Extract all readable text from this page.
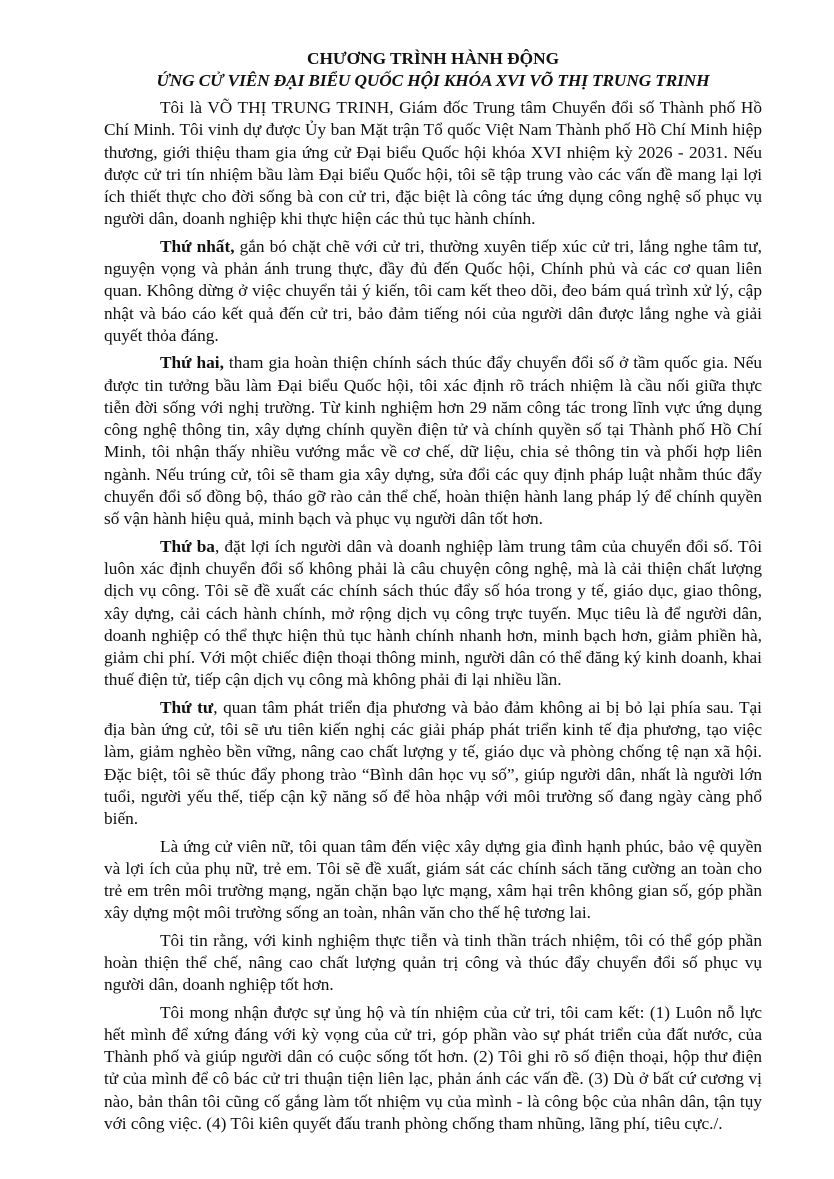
CHƯƠNG TRÌNH HÀNH ĐỘNG
ỨNG CỬ VIÊN ĐẠI BIỂU QUỐC HỘI KHÓA XVI VÕ THỊ TRUNG TRINH

Tôi là VÕ THỊ TRUNG TRINH, Giám đốc Trung tâm Chuyển đổi số Thành phố Hồ Chí Minh. Tôi vinh dự được Ủy ban Mặt trận Tổ quốc Việt Nam Thành phố Hồ Chí Minh hiệp thương, giới thiệu tham gia ứng cử Đại biểu Quốc hội khóa XVI nhiệm kỳ 2026 - 2031. Nếu được cử tri tín nhiệm bầu làm Đại biểu Quốc hội, tôi sẽ tập trung vào các vấn đề mang lại lợi ích thiết thực cho đời sống bà con cử tri, đặc biệt là công tác ứng dụng công nghệ số phục vụ người dân, doanh nghiệp khi thực hiện các thủ tục hành chính.

Thứ nhất, gắn bó chặt chẽ với cử tri, thường xuyên tiếp xúc cử tri, lắng nghe tâm tư, nguyện vọng và phản ánh trung thực, đầy đủ đến Quốc hội, Chính phủ và các cơ quan liên quan. Không dừng ở việc chuyển tải ý kiến, tôi cam kết theo dõi, đeo bám quá trình xử lý, cập nhật và báo cáo kết quả đến cử tri, bảo đảm tiếng nói của người dân được lắng nghe và giải quyết thỏa đáng.

Thứ hai, tham gia hoàn thiện chính sách thúc đẩy chuyển đổi số ở tầm quốc gia. Nếu được tin tưởng bầu làm Đại biểu Quốc hội, tôi xác định rõ trách nhiệm là cầu nối giữa thực tiễn đời sống với nghị trường. Từ kinh nghiệm hơn 29 năm công tác trong lĩnh vực ứng dụng công nghệ thông tin, xây dựng chính quyền điện tử và chính quyền số tại Thành phố Hồ Chí Minh, tôi nhận thấy nhiều vướng mắc về cơ chế, dữ liệu, chia sẻ thông tin và phối hợp liên ngành. Nếu trúng cử, tôi sẽ tham gia xây dựng, sửa đổi các quy định pháp luật nhằm thúc đẩy chuyển đổi số đồng bộ, tháo gỡ rào cản thể chế, hoàn thiện hành lang pháp lý để chính quyền số vận hành hiệu quả, minh bạch và phục vụ người dân tốt hơn.

Thứ ba, đặt lợi ích người dân và doanh nghiệp làm trung tâm của chuyển đổi số. Tôi luôn xác định chuyển đổi số không phải là câu chuyện công nghệ, mà là cải thiện chất lượng dịch vụ công. Tôi sẽ đề xuất các chính sách thúc đẩy số hóa trong y tế, giáo dục, giao thông, xây dựng, cải cách hành chính, mở rộng dịch vụ công trực tuyến. Mục tiêu là để người dân, doanh nghiệp có thể thực hiện thủ tục hành chính nhanh hơn, minh bạch hơn, giảm phiền hà, giảm chi phí. Với một chiếc điện thoại thông minh, người dân có thể đăng ký kinh doanh, khai thuế điện tử, tiếp cận dịch vụ công mà không phải đi lại nhiều lần.

Thứ tư, quan tâm phát triển địa phương và bảo đảm không ai bị bỏ lại phía sau. Tại địa bàn ứng cử, tôi sẽ ưu tiên kiến nghị các giải pháp phát triển kinh tế địa phương, tạo việc làm, giảm nghèo bền vững, nâng cao chất lượng y tế, giáo dục và phòng chống tệ nạn xã hội. Đặc biệt, tôi sẽ thúc đẩy phong trào “Bình dân học vụ số”, giúp người dân, nhất là người lớn tuổi, người yếu thế, tiếp cận kỹ năng số để hòa nhập với môi trường số đang ngày càng phổ biến.

Là ứng cử viên nữ, tôi quan tâm đến việc xây dựng gia đình hạnh phúc, bảo vệ quyền và lợi ích của phụ nữ, trẻ em. Tôi sẽ đề xuất, giám sát các chính sách tăng cường an toàn cho trẻ em trên môi trường mạng, ngăn chặn bạo lực mạng, xâm hại trên không gian số, góp phần xây dựng một môi trường sống an toàn, nhân văn cho thế hệ tương lai.

Tôi tin rằng, với kinh nghiệm thực tiễn và tinh thần trách nhiệm, tôi có thể góp phần hoàn thiện thể chế, nâng cao chất lượng quản trị công và thúc đẩy chuyển đổi số phục vụ người dân, doanh nghiệp tốt hơn.

Tôi mong nhận được sự ủng hộ và tín nhiệm của cử tri, tôi cam kết: (1) Luôn nỗ lực hết mình để xứng đáng với kỳ vọng của cử tri, góp phần vào sự phát triển của đất nước, của Thành phố và giúp người dân có cuộc sống tốt hơn. (2) Tôi ghi rõ số điện thoại, hộp thư điện tử của mình để cô bác cử tri thuận tiện liên lạc, phản ánh các vấn đề. (3) Dù ở bất cứ cương vị nào, bản thân tôi cũng cố gắng làm tốt nhiệm vụ của mình - là công bộc của nhân dân, tận tụy với công việc. (4) Tôi kiên quyết đấu tranh phòng chống tham nhũng, lãng phí, tiêu cực./.
